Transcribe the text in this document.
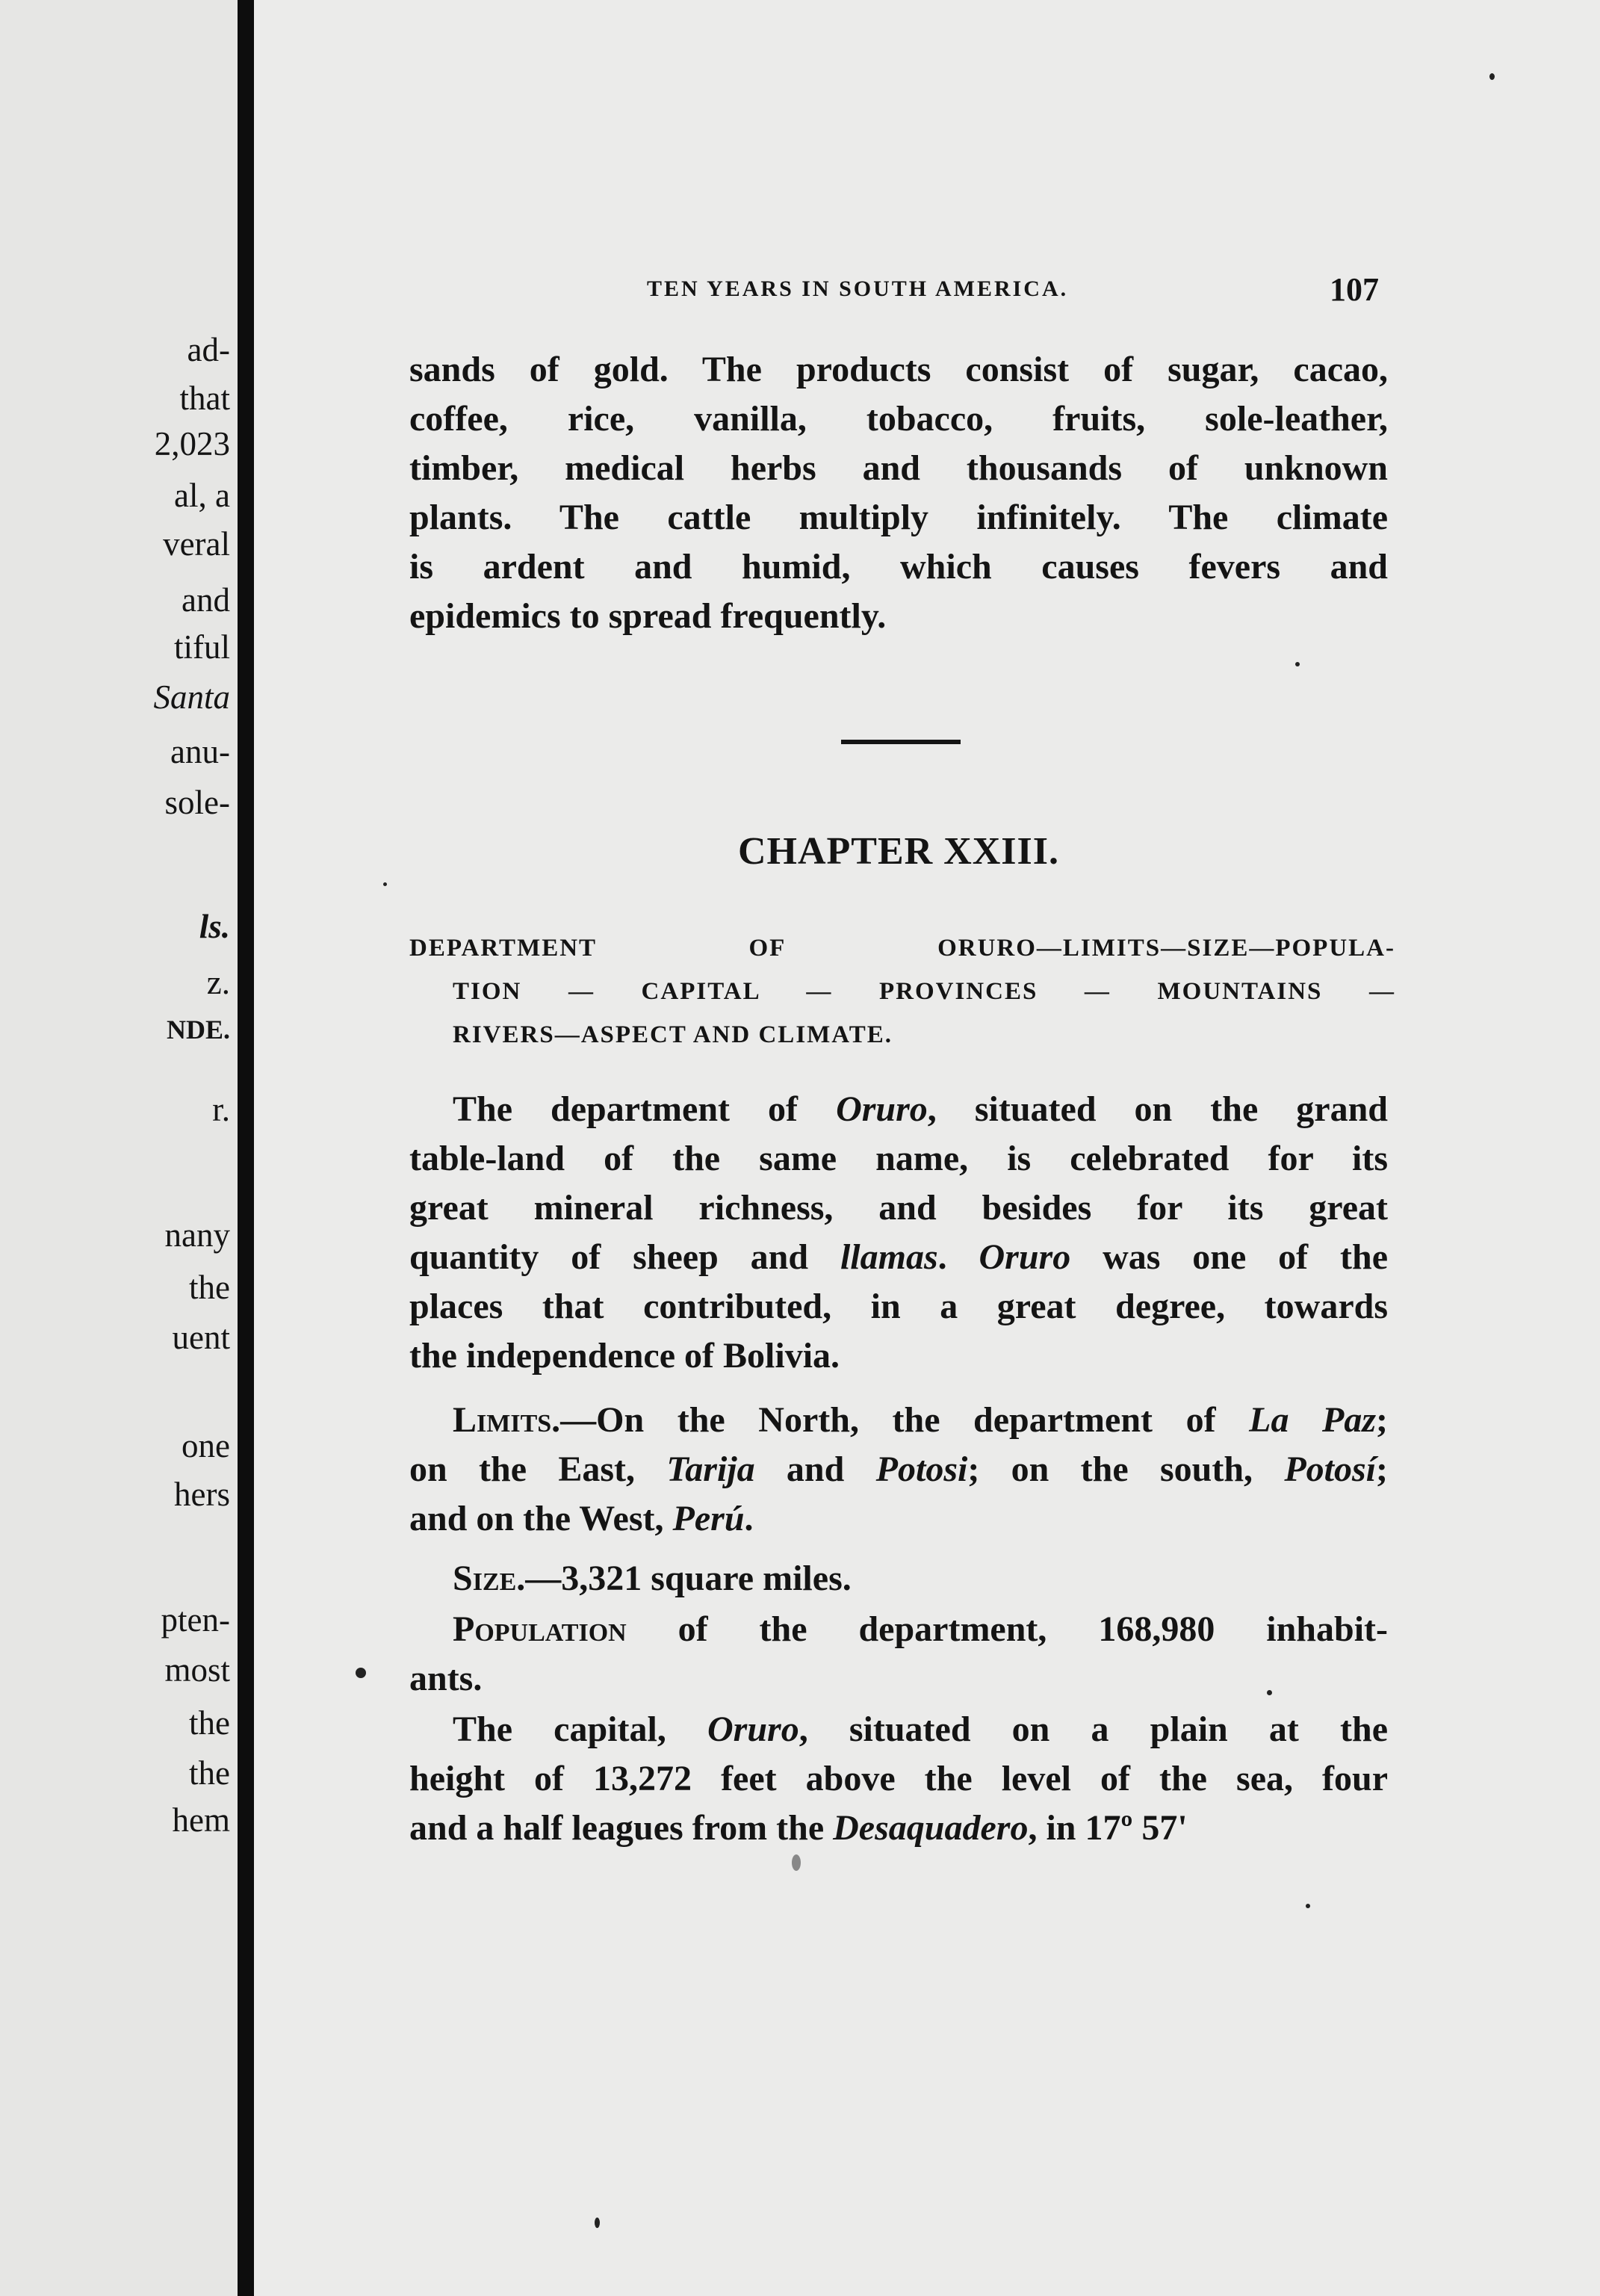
ad-
that
2,023
al, a
veral
and
tiful
Santa
anu-
sole-
ls.
z.
NDE.
r.
nany
the
uent
one
hers
pten-
most
the
the
hem
TEN YEARS IN SOUTH AMERICA.	107
sands of gold. The products consist of sugar, cacao,
coffee, rice, vanilla, tobacco, fruits, sole-leather,
timber, medical herbs and thousands of unknown
plants. The cattle multiply infinitely. The climate
is ardent and humid, which causes fevers and
epidemics to spread frequently.
CHAPTER XXIII.
DEPARTMENT OF ORURO—LIMITS—SIZE—POPULA-
TION — CAPITAL — PROVINCES — MOUNTAINS —
RIVERS—ASPECT AND CLIMATE.
The department of Oruro, situated on the grand
table-land of the same name, is celebrated for its
great mineral richness, and besides for its great
quantity of sheep and llamas. Oruro was one of the
places that contributed, in a great degree, towards
the independence of Bolivia.
Limits.—On the North, the department of La Paz;
on the East, Tarija and Potosi; on the south, Potosí;
and on the West, Perú.
Size.—3,321 square miles.
Population of the department, 168,980 inhabit-
ants.
The capital, Oruro, situated on a plain at the
height of 13,272 feet above the level of the sea, four
and a half leagues from the Desaquadero, in 17º 57'
